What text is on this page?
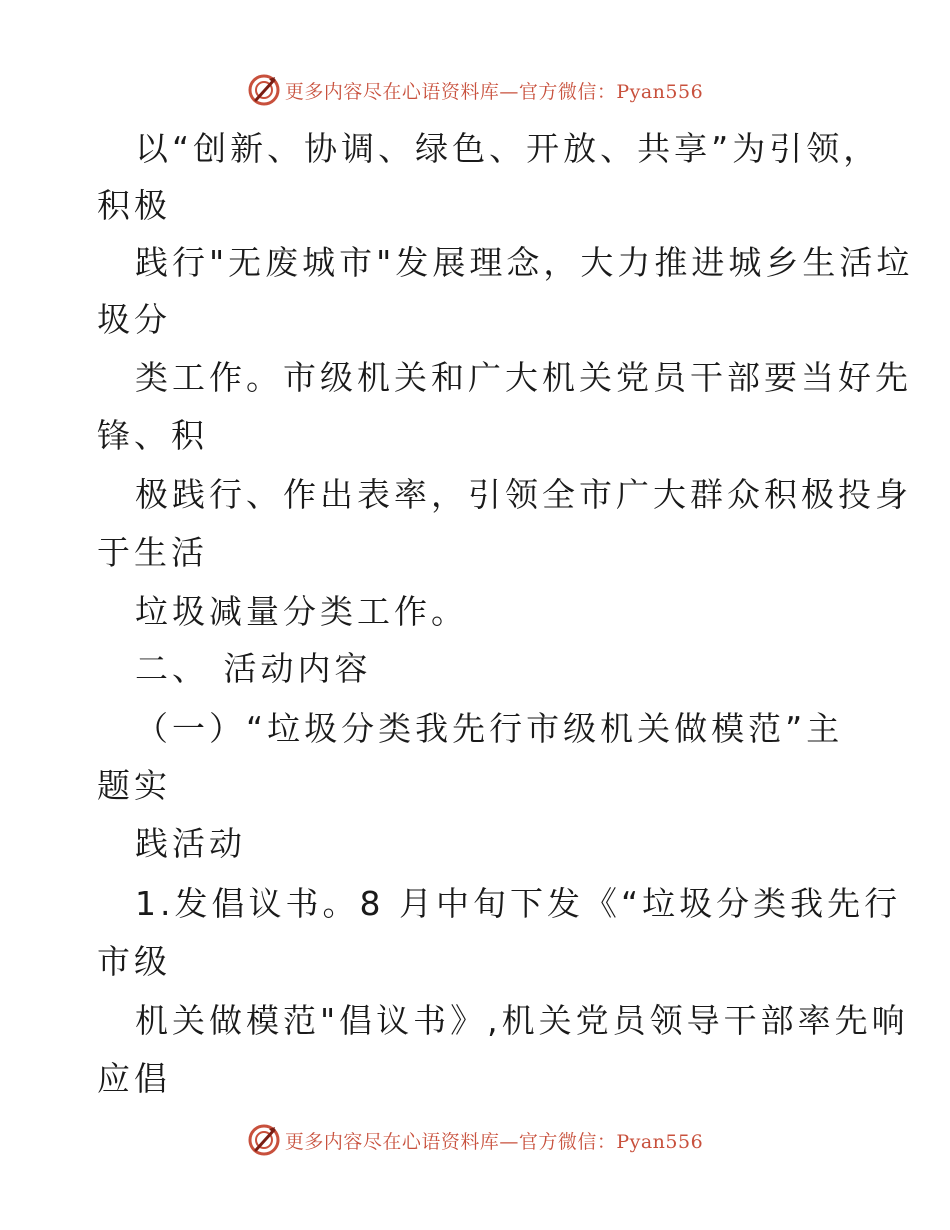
更多内容尽在心语资料库—官方微信：Pyan556
以“创新、协调、绿色、开放、共享”为引领，
积极
践行"无废城市"发展理念，大力推进城乡生活垃
圾分
类工作。市级机关和广大机关党员干部要当好先
锋、积
极践行、作出表率，引领全市广大群众积极投身
于生活
垃圾减量分类工作。
二、 活动内容
（一）“垃圾分类我先行市级机关做模范”主
题实
践活动
1.发倡议书。8 月中旬下发《“垃圾分类我先行
市级
机关做模范"倡议书》,机关党员领导干部率先响
应倡
更多内容尽在心语资料库—官方微信：Pyan556
